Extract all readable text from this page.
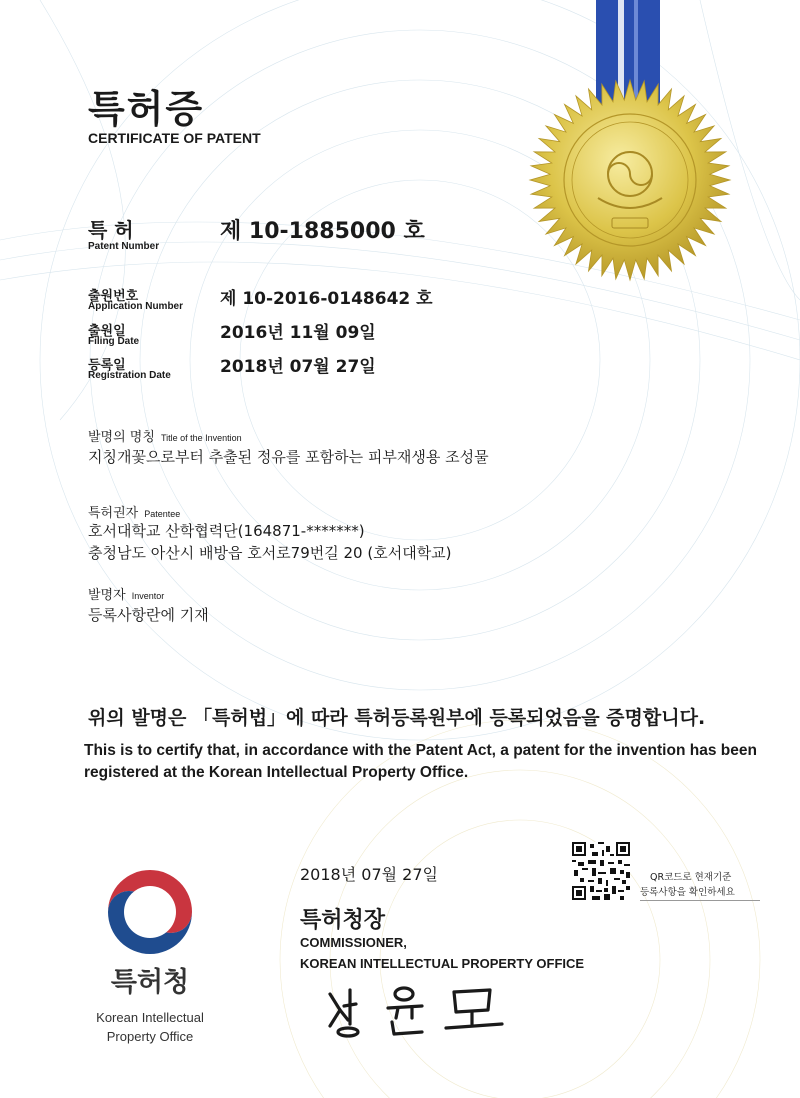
특허증
CERTIFICATE OF PATENT
특 허
Patent Number
제 10-1885000 호
출원번호
Application Number 제 10-2016-0148642 호
출원일
Filing Date	2016년 11월 09일
등록일
Registration Date	2018년 07월 27일
발명의 명칭 Title of the Invention
지칭개꽃으로부터 추출된 정유를 포함하는 피부재생용 조성물
특허권자 Patentee
호서대학교 산학협력단(164871-*******)
충청남도 아산시 배방읍 호서로79번길 20 (호서대학교)
발명자 Inventor
등록사항란에 기재
위의 발명은 「특허법」에 따라 특허등록원부에 등록되었음을 증명합니다.
This is to certify that, in accordance with the Patent Act, a patent for the invention has been registered at the Korean Intellectual Property Office.
특허청
Korean Intellectual
Property Office
2018년 07월 27일	QR코드로 현재기준
등록사항을 확인하세요
특허청장
COMMISSIONER,
KOREAN INTELLECTUAL PROPERTY OFFICE
